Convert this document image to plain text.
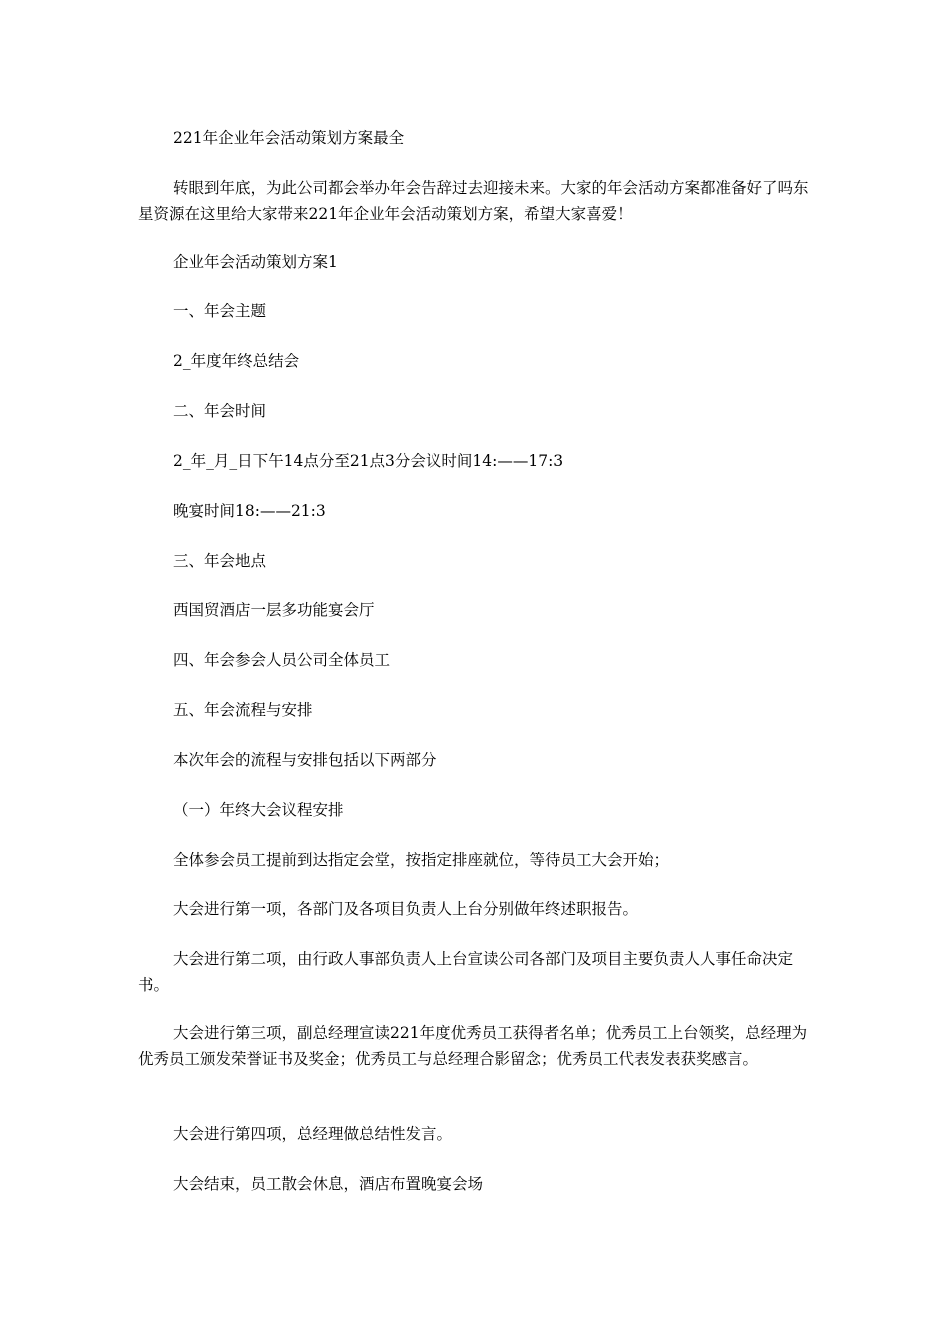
221年企业年会活动策划方案最全

转眼到年底，为此公司都会举办年会告辞过去迎接未来。大家的年会活动方案都准备好了吗东星资源在这里给大家带来221年企业年会活动策划方案，希望大家喜爱！

企业年会活动策划方案1

一、年会主题

2_年度年终总结会

二、年会时间

2_年_月_日下午14点分至21点3分会议时间14:——17:3

晚宴时间18:——21:3

三、年会地点

西国贸酒店一层多功能宴会厅

四、年会参会人员公司全体员工

五、年会流程与安排

本次年会的流程与安排包括以下两部分

（一）年终大会议程安排

全体参会员工提前到达指定会堂，按指定排座就位，等待员工大会开始；

大会进行第一项，各部门及各项目负责人上台分别做年终述职报告。

大会进行第二项，由行政人事部负责人上台宣读公司各部门及项目主要负责人人事任命决定书。

大会进行第三项，副总经理宣读221年度优秀员工获得者名单；优秀员工上台领奖，总经理为优秀员工颁发荣誉证书及奖金；优秀员工与总经理合影留念；优秀员工代表发表获奖感言。

大会进行第四项，总经理做总结性发言。

大会结束，员工散会休息，酒店布置晚宴会场
